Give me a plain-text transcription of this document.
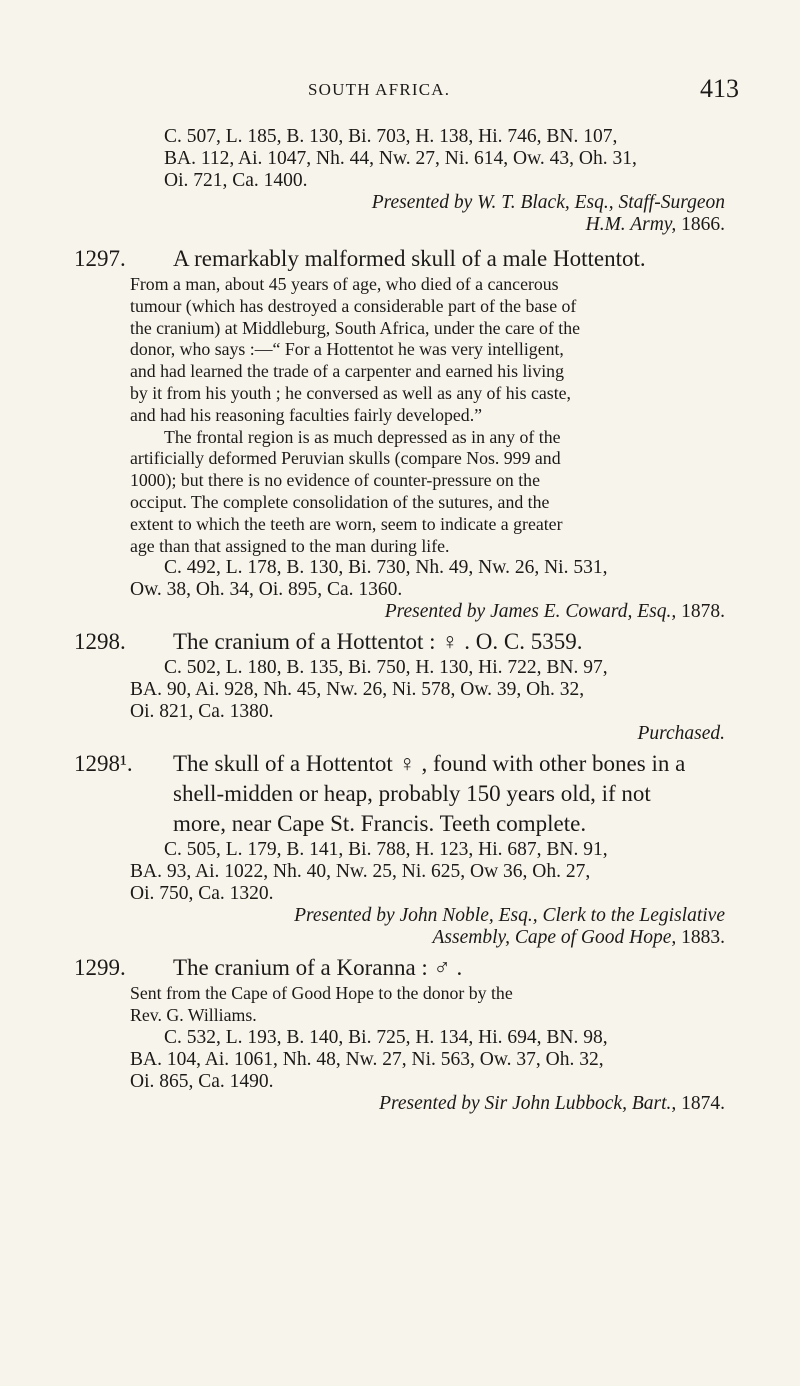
SOUTH AFRICA.	413
C. 507, L. 185, B. 130, Bi. 703, H. 138, Hi. 746, BN. 107,
BA. 112, Ai. 1047, Nh. 44, Nw. 27, Ni. 614, Ow. 43, Oh. 31,
Oi. 721, Ca. 1400.
Presented by W. T. Black, Esq., Staff-Surgeon
H.M. Army, 1866.
1297. A remarkably malformed skull of a male Hottentot.
From a man, about 45 years of age, who died of a cancerous
tumour (which has destroyed a considerable part of the base of
the cranium) at Middleburg, South Africa, under the care of the
donor, who says :—“ For a Hottentot he was very intelligent,
and had learned the trade of a carpenter and earned his living
by it from his youth ; he conversed as well as any of his caste,
and had his reasoning faculties fairly developed.”
The frontal region is as much depressed as in any of the
artificially deformed Peruvian skulls (compare Nos. 999 and
1000); but there is no evidence of counter-pressure on the
occiput. The complete consolidation of the sutures, and the
extent to which the teeth are worn, seem to indicate a greater
age than that assigned to the man during life.
C. 492, L. 178, B. 130, Bi. 730, Nh. 49, Nw. 26, Ni. 531,
Ow. 38, Oh. 34, Oi. 895, Ca. 1360.
Presented by James E. Coward, Esq., 1878.
1298. The cranium of a Hottentot : ♀ . O. C. 5359.
C. 502, L. 180, B. 135, Bi. 750, H. 130, Hi. 722, BN. 97,
BA. 90, Ai. 928, Nh. 45, Nw. 26, Ni. 578, Ow. 39, Oh. 32,
Oi. 821, Ca. 1380.
Purchased.
1298¹. The skull of a Hottentot ♀ , found with other bones in a
shell-midden or heap, probably 150 years old, if not
more, near Cape St. Francis. Teeth complete.
C. 505, L. 179, B. 141, Bi. 788, H. 123, Hi. 687, BN. 91,
BA. 93, Ai. 1022, Nh. 40, Nw. 25, Ni. 625, Ow 36, Oh. 27,
Oi. 750, Ca. 1320.
Presented by John Noble, Esq., Clerk to the Legislative
Assembly, Cape of Good Hope, 1883.
1299. The cranium of a Koranna : ♂ .
Sent from the Cape of Good Hope to the donor by the
Rev. G. Williams.
C. 532, L. 193, B. 140, Bi. 725, H. 134, Hi. 694, BN. 98,
BA. 104, Ai. 1061, Nh. 48, Nw. 27, Ni. 563, Ow. 37, Oh. 32,
Oi. 865, Ca. 1490.
Presented by Sir John Lubbock, Bart., 1874.
